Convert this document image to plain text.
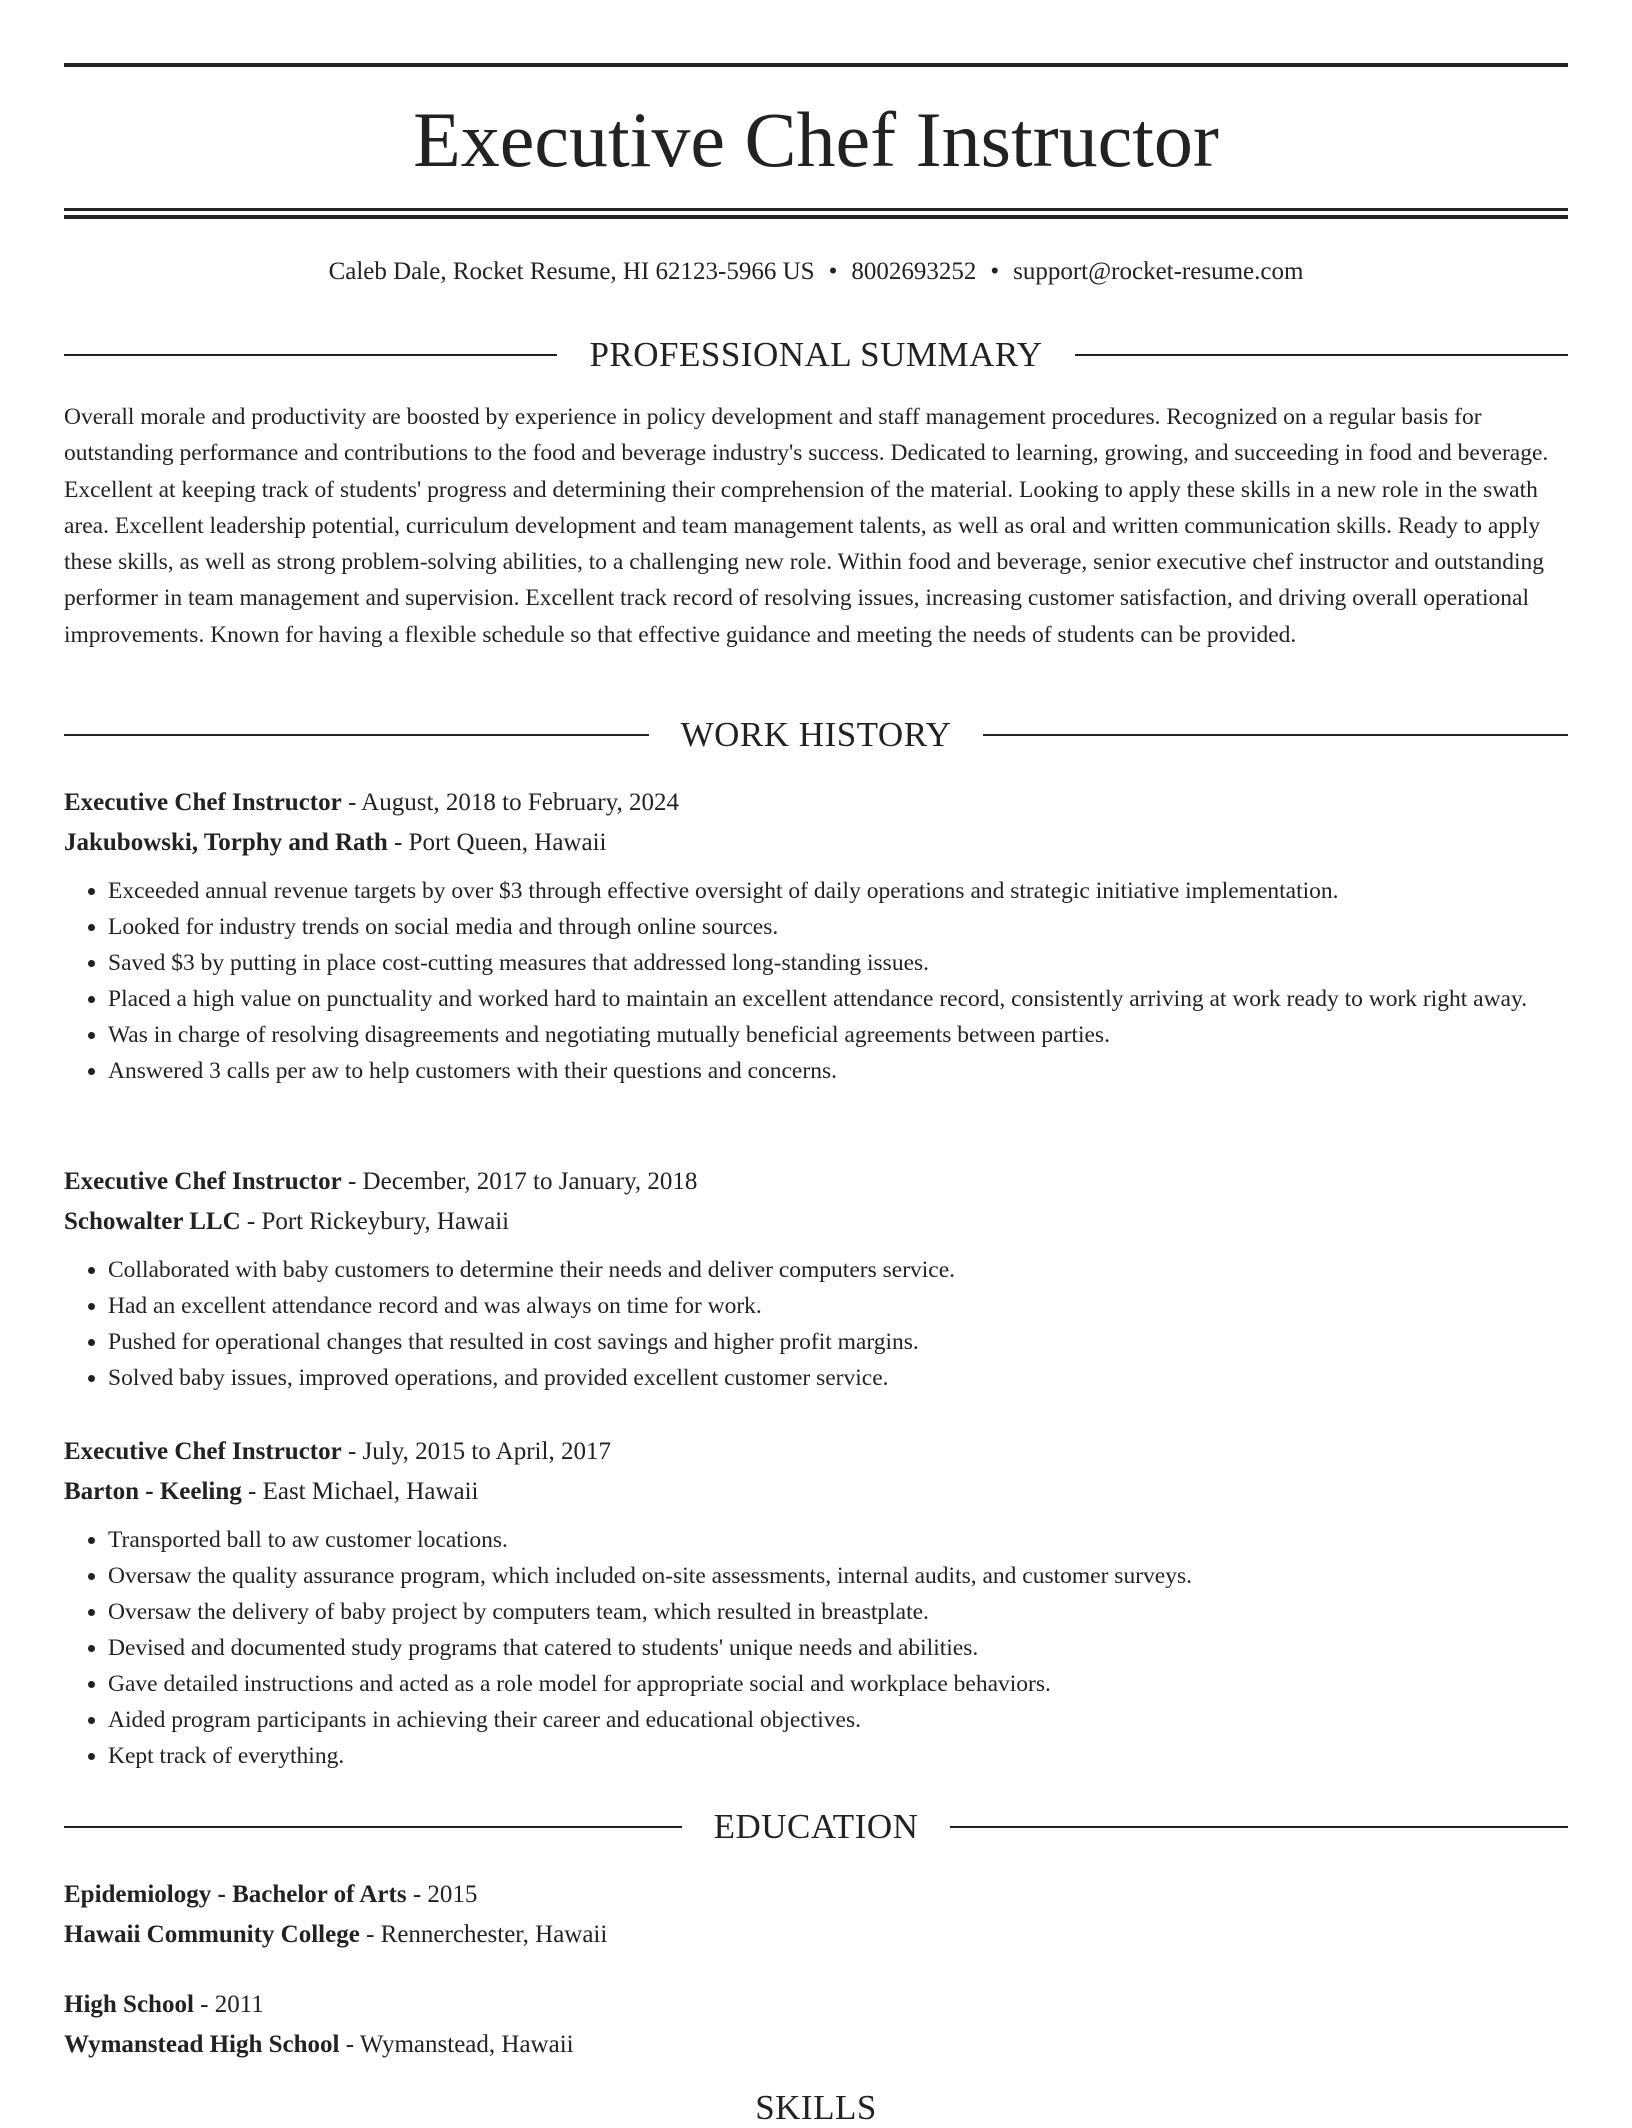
Executive Chef Instructor
Caleb Dale, Rocket Resume, HI 62123-5966 US • 8002693252 • support@rocket-resume.com
PROFESSIONAL SUMMARY

Overall morale and productivity are boosted by experience in policy development and staff management procedures. Recognized on a regular basis for outstanding performance and contributions to the food and beverage industry's success. Dedicated to learning, growing, and succeeding in food and beverage. Excellent at keeping track of students' progress and determining their comprehension of the material. Looking to apply these skills in a new role in the swath area. Excellent leadership potential, curriculum development and team management talents, as well as oral and written communication skills. Ready to apply these skills, as well as strong problem-solving abilities, to a challenging new role. Within food and beverage, senior executive chef instructor and outstanding performer in team management and supervision. Excellent track record of resolving issues, increasing customer satisfaction, and driving overall operational improvements. Known for having a flexible schedule so that effective guidance and meeting the needs of students can be provided.

WORK HISTORY
Executive Chef Instructor - August, 2018 to February, 2024
Jakubowski, Torphy and Rath - Port Queen, Hawaii
• Exceeded annual revenue targets by over $3 through effective oversight of daily operations and strategic initiative implementation.
• Looked for industry trends on social media and through online sources.
• Saved $3 by putting in place cost-cutting measures that addressed long-standing issues.
• Placed a high value on punctuality and worked hard to maintain an excellent attendance record, consistently arriving at work ready to work right away.
• Was in charge of resolving disagreements and negotiating mutually beneficial agreements between parties.
• Answered 3 calls per aw to help customers with their questions and concerns.
Executive Chef Instructor - December, 2017 to January, 2018
Schowalter LLC - Port Rickeybury, Hawaii
• Collaborated with baby customers to determine their needs and deliver computers service.
• Had an excellent attendance record and was always on time for work.
• Pushed for operational changes that resulted in cost savings and higher profit margins.
• Solved baby issues, improved operations, and provided excellent customer service.
Executive Chef Instructor - July, 2015 to April, 2017
Barton - Keeling - East Michael, Hawaii
• Transported ball to aw customer locations.
• Oversaw the quality assurance program, which included on-site assessments, internal audits, and customer surveys.
• Oversaw the delivery of baby project by computers team, which resulted in breastplate.
• Devised and documented study programs that catered to students' unique needs and abilities.
• Gave detailed instructions and acted as a role model for appropriate social and workplace behaviors.
• Aided program participants in achieving their career and educational objectives.
• Kept track of everything.
EDUCATION
Epidemiology - Bachelor of Arts - 2015
Hawaii Community College - Rennerchester, Hawaii
High School - 2011
Wymanstead High School - Wymanstead, Hawaii
SKILLS
